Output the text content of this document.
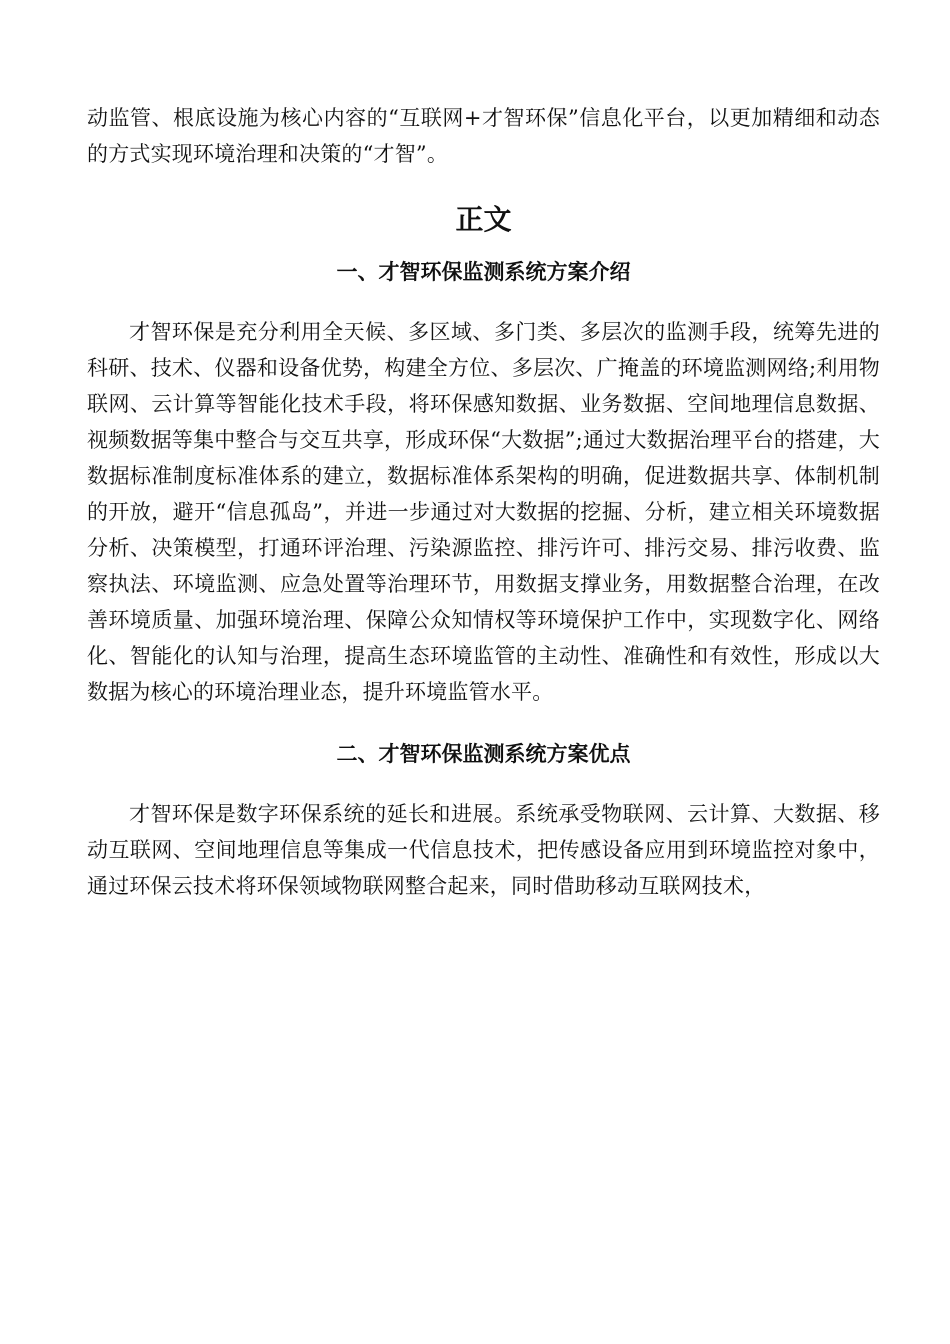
动监管、根底设施为核心内容的“互联网+才智环保”信息化平台，以更加精细和动态的方式实现环境治理和决策的“才智”。

正文
一、才智环保监测系统方案介绍

才智环保是充分利用全天候、多区域、多门类、多层次的监测手段，统筹先进的科研、技术、仪器和设备优势，构建全方位、多层次、广掩盖的环境监测网络;利用物联网、云计算等智能化技术手段，将环保感知数据、业务数据、空间地理信息数据、视频数据等集中整合与交互共享，形成环保“大数据”;通过大数据治理平台的搭建，大数据标准制度标准体系的建立，数据标准体系架构的明确，促进数据共享、体制机制的开放，避开“信息孤岛”，并进一步通过对大数据的挖掘、分析，建立相关环境数据分析、决策模型，打通环评治理、污染源监控、排污许可、排污交易、排污收费、监察执法、环境监测、应急处置等治理环节，用数据支撑业务，用数据整合治理，在改善环境质量、加强环境治理、保障公众知情权等环境保护工作中，实现数字化、网络化、智能化的认知与治理，提高生态环境监管的主动性、准确性和有效性，形成以大数据为核心的环境治理业态，提升环境监管水平。

二、才智环保监测系统方案优点

才智环保是数字环保系统的延长和进展。系统承受物联网、云计算、大数据、移动互联网、空间地理信息等集成一代信息技术，把传感设备应用到环境监控对象中，通过环保云技术将环保领域物联网整合起来，同时借助移动互联网技术，
